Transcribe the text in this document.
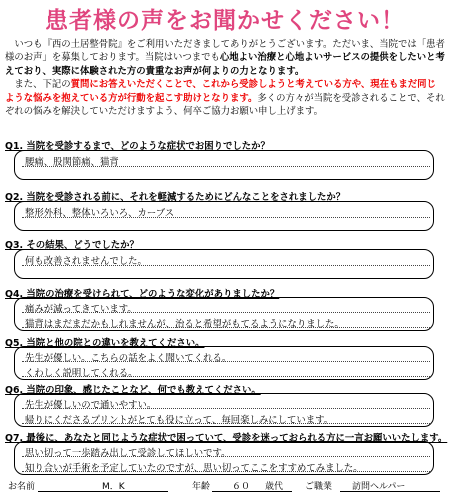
患者様の声をお聞かせください！

　いつも『西の土居整骨院』をご利用いただきましてありがとうございます。ただいま、当院では「患者様のお声」を募集しております。当院はいつまでも心地よい治療と心地よいサービスの提供をしたいと考えており、実際に体験された方の貴重なお声が何よりの力となります。

　また、下記の質問にお答えいただくことで、これから受診しようと考えている方や、現在もまだ同じような悩みを抱えている方が行動を起こす助けとなります。多くの方々が当院を受診されることで、それぞれの悩みを解決していただけますよう、何卒ご協力お願い申し上げます。

Q1. 当院を受診するまで、どのような症状でお困りでしたか？
腰痛、股関節痛、猫背
Q2. 当院を受診される前に、それを軽減するためにどんなことをされましたか？
整形外科、整体いろいろ、カーブス
Q3. その結果、どうでしたか？
何も改善されませんでした。
Q4. 当院の治療を受けられて、どのような変化がありましたか？
痛みが減ってきています。
猫背はまだまだかもしれませんが、治ると希望がもてるようになりました。
Q5. 当院と他の院との違いを教えてください。
先生が優しい。こちらの話をよく聞いてくれる。
くわしく説明してくれる。
Q6. 当院の印象、感じたことなど、何でも教えてください。
先生が優しいので通いやすい。
帰りにくださるプリントがとても役に立って、毎回楽しみにしています。
Q7. 最後に、あなたと同じような症状で困っていて、受診を迷っておられる方に一言お願いいたします。
思い切って一歩踏み出して受診してほしいです。
知り合いが手術を予定していたのですが、思い切ってここをすすめてみました。
お名前	M．K	年齢 ６０ 歳代 ご職業 訪問ヘルパー
